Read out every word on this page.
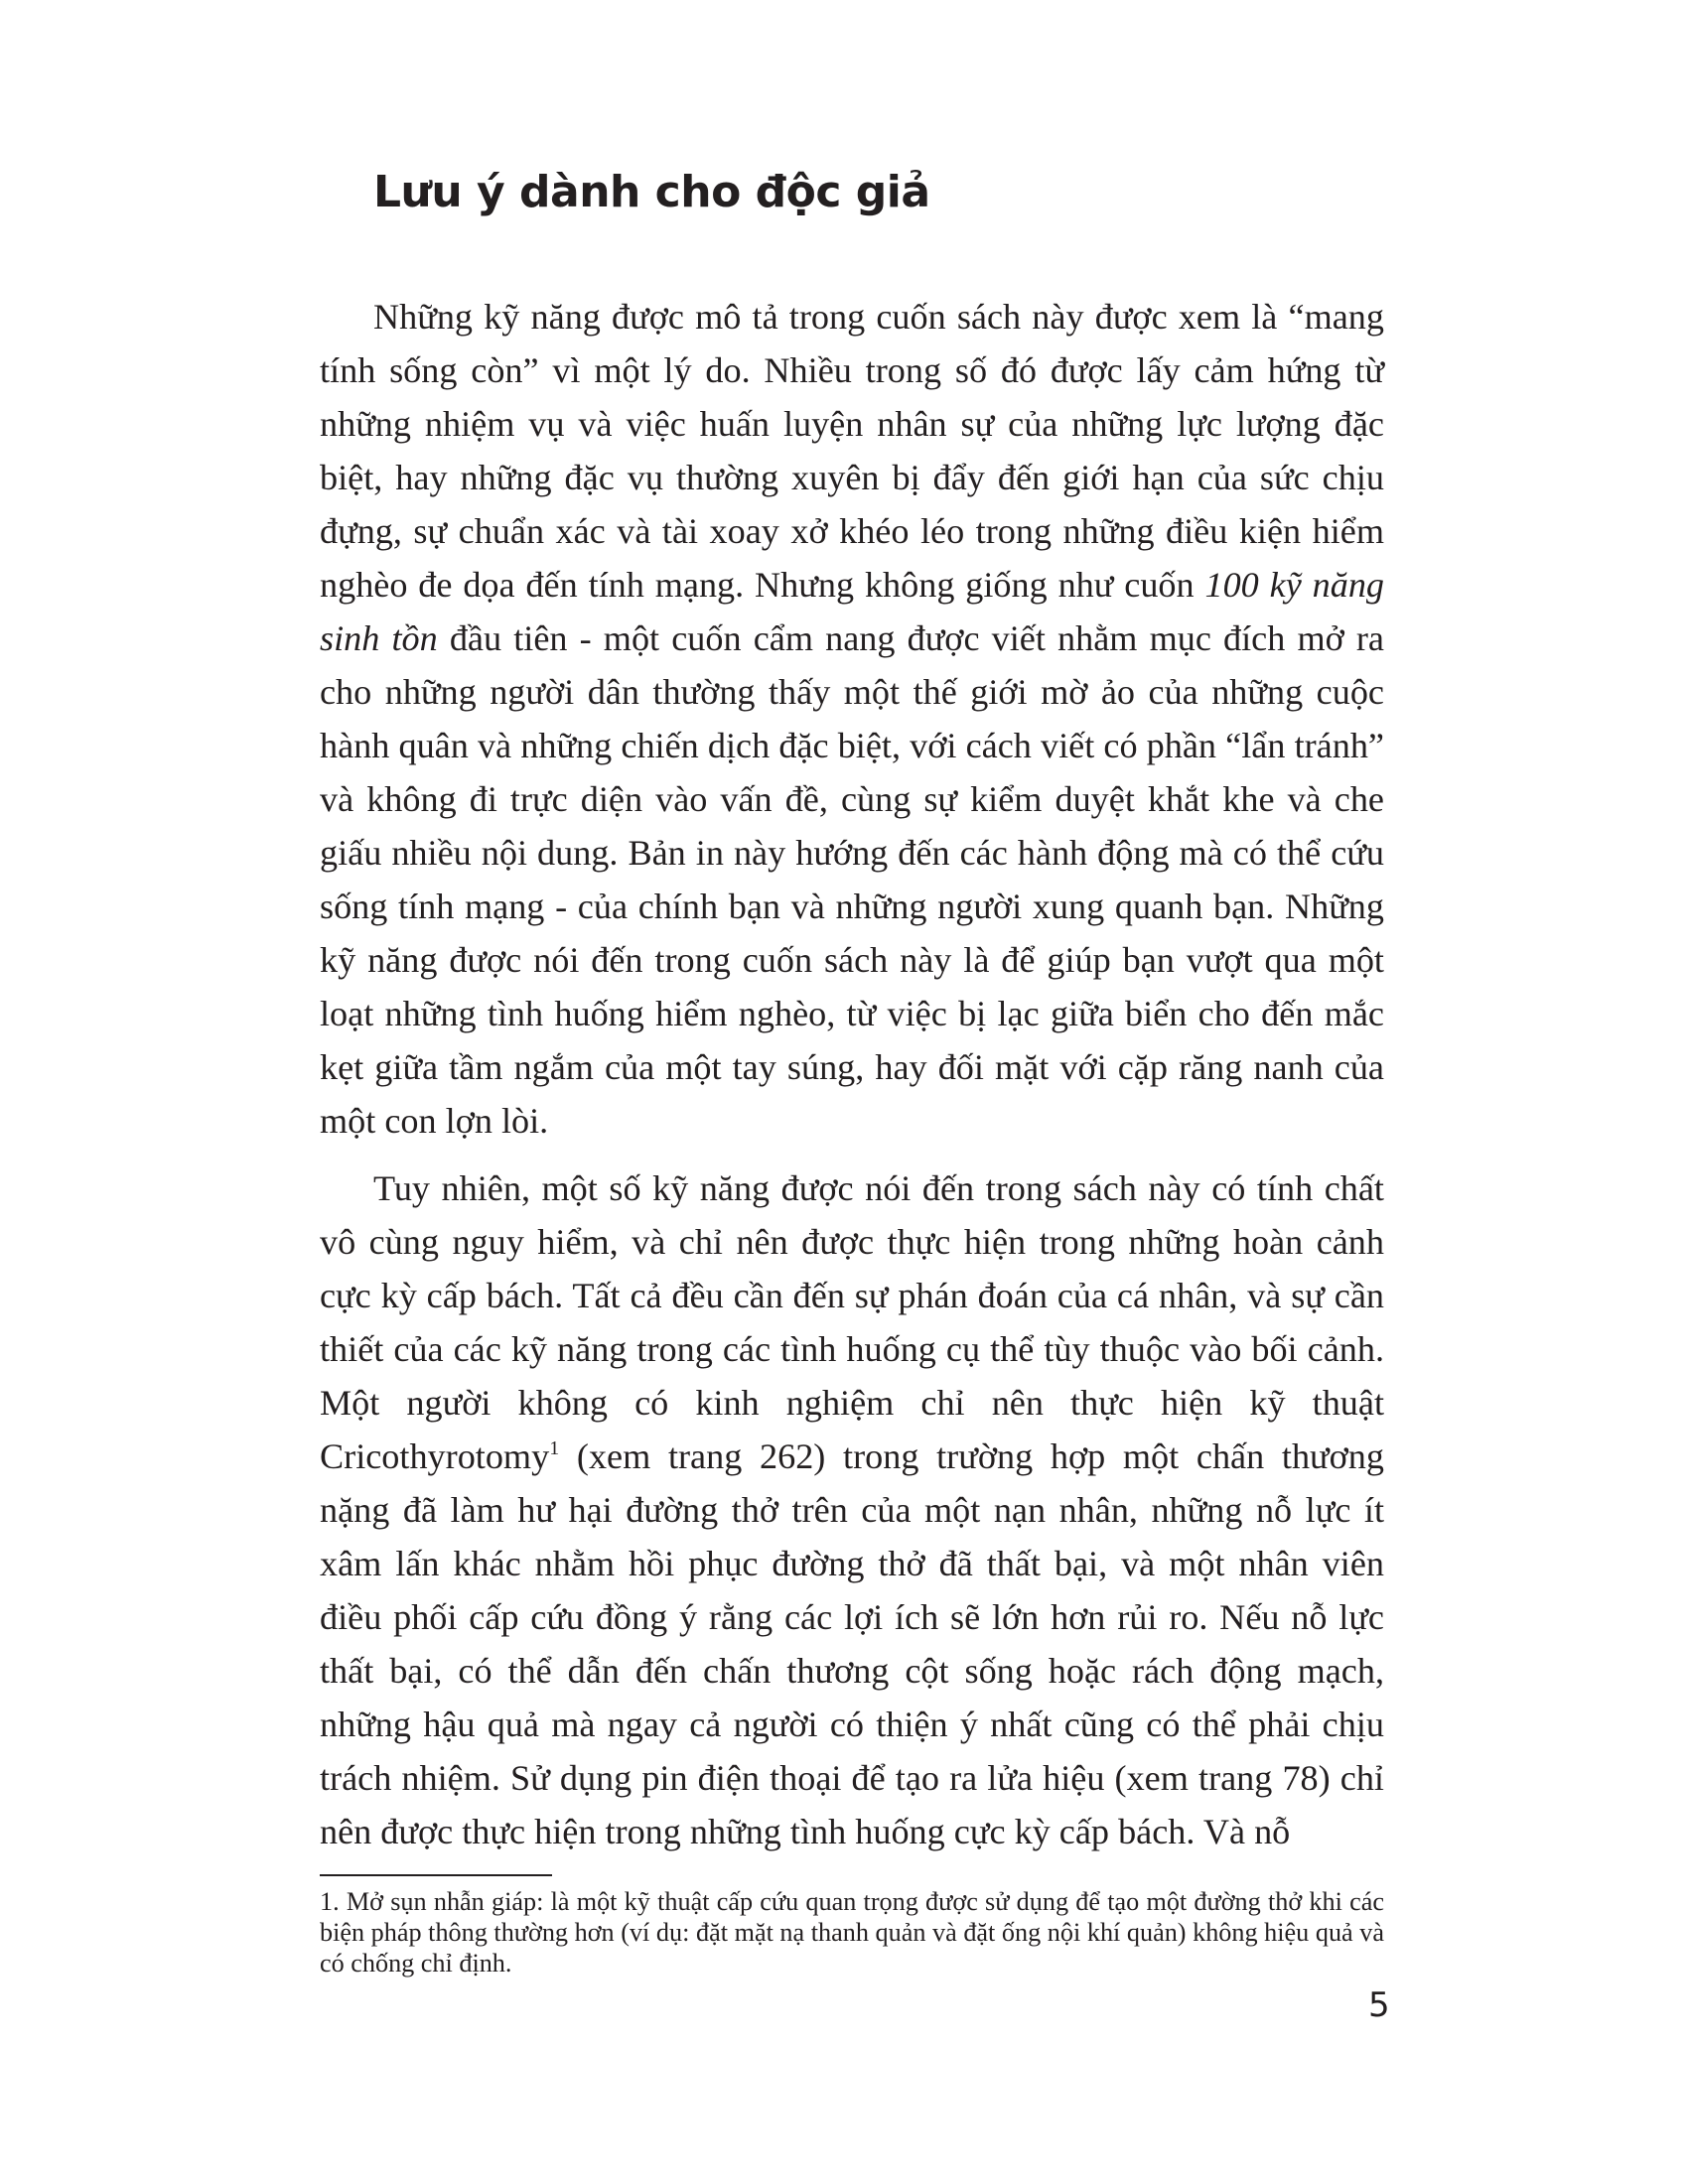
Lưu ý dành cho độc giả

Những kỹ năng được mô tả trong cuốn sách này được xem là “mang tính sống còn” vì một lý do. Nhiều trong số đó được lấy cảm hứng từ những nhiệm vụ và việc huấn luyện nhân sự của những lực lượng đặc biệt, hay những đặc vụ thường xuyên bị đẩy đến giới hạn của sức chịu đựng, sự chuẩn xác và tài xoay xở khéo léo trong những điều kiện hiểm nghèo đe dọa đến tính mạng. Nhưng không giống như cuốn 100 kỹ năng sinh tồn đầu tiên - một cuốn cẩm nang được viết nhằm mục đích mở ra cho những người dân thường thấy một thế giới mờ ảo của những cuộc hành quân và những chiến dịch đặc biệt, với cách viết có phần “lẩn tránh” và không đi trực diện vào vấn đề, cùng sự kiểm duyệt khắt khe và che giấu nhiều nội dung. Bản in này hướng đến các hành động mà có thể cứu sống tính mạng - của chính bạn và những người xung quanh bạn. Những kỹ năng được nói đến trong cuốn sách này là để giúp bạn vượt qua một loạt những tình huống hiểm nghèo, từ việc bị lạc giữa biển cho đến mắc kẹt giữa tầm ngắm của một tay súng, hay đối mặt với cặp răng nanh của một con lợn lòi.

Tuy nhiên, một số kỹ năng được nói đến trong sách này có tính chất vô cùng nguy hiểm, và chỉ nên được thực hiện trong những hoàn cảnh cực kỳ cấp bách. Tất cả đều cần đến sự phán đoán của cá nhân, và sự cần thiết của các kỹ năng trong các tình huống cụ thể tùy thuộc vào bối cảnh. Một người không có kinh nghiệm chỉ nên thực hiện kỹ thuật Cricothyrotomy$^1$ (xem trang 262) trong trường hợp một chấn thương nặng đã làm hư hại đường thở trên của một nạn nhân, những nỗ lực ít xâm lấn khác nhằm hồi phục đường thở đã thất bại, và một nhân viên điều phối cấp cứu đồng ý rằng các lợi ích sẽ lớn hơn rủi ro. Nếu nỗ lực thất bại, có thể dẫn đến chấn thương cột sống hoặc rách động mạch, những hậu quả mà ngay cả người có thiện ý nhất cũng có thể phải chịu trách nhiệm. Sử dụng pin điện thoại để tạo ra lửa hiệu (xem trang 78) chỉ nên được thực hiện trong những tình huống cực kỳ cấp bách. Và nỗ

1. Mở sụn nhẫn giáp: là một kỹ thuật cấp cứu quan trọng được sử dụng để tạo một đường thở khi các biện pháp thông thường hơn (ví dụ: đặt mặt nạ thanh quản và đặt ống nội khí quản) không hiệu quả và có chống chỉ định.

5
